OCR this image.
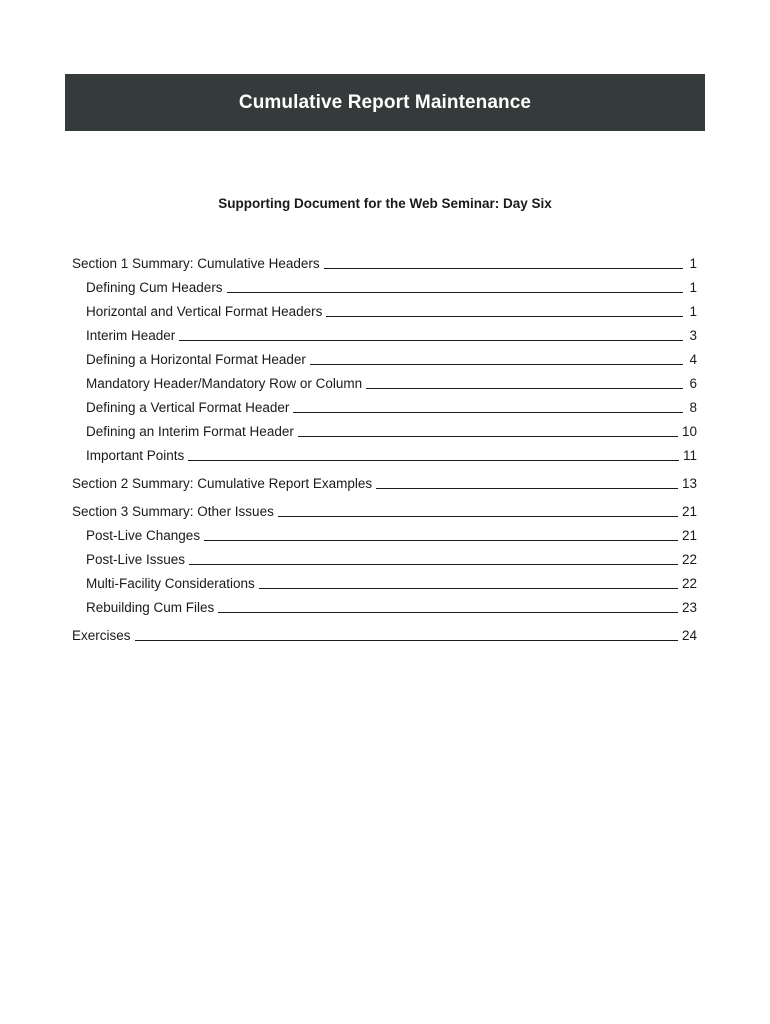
Cumulative Report Maintenance
Supporting Document for the Web Seminar: Day Six
Section 1 Summary: Cumulative Headers	1
Defining Cum Headers	1
Horizontal and Vertical Format Headers	1
Interim Header	3
Defining a Horizontal Format Header	4
Mandatory Header/Mandatory Row or Column	6
Defining a Vertical Format Header	8
Defining an Interim Format Header	10
Important Points	11
Section 2 Summary: Cumulative Report Examples	13
Section 3 Summary: Other Issues	21
Post-Live Changes	21
Post-Live Issues	22
Multi-Facility Considerations	22
Rebuilding Cum Files	23
Exercises	24
